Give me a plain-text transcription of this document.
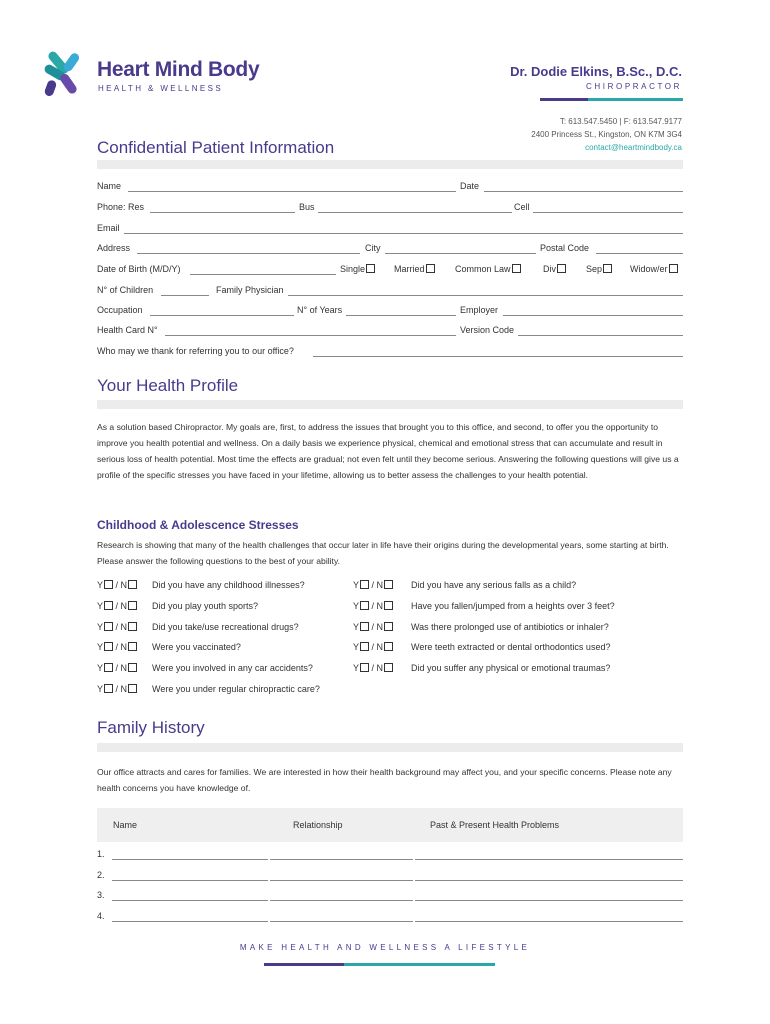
Heart Mind Body
HEALTH & WELLNESS
Dr. Dodie Elkins, B.Sc., D.C.
CHIROPRACTOR
T: 613.547.5450 | F: 613.547.9177
2400 Princess St., Kingston, ON K7M 3G4
contact@heartmindbody.ca
Confidential Patient Information
Name	Date
Phone: Res	Bus	Cell
Email
Address	City	Postal Code
Date of Birth (M/D/Y)	Single	Married	Common Law	Div	Sep	Widow/er
N° of Children	Family Physician
Occupation	N° of Years	Employer
Health Card N°	Version Code
Who may we thank for referring you to our office?
Your Health Profile
As a solution based Chiropractor. My goals are, first, to address the issues that brought you to this office, and second, to offer you the opportunity to improve you health potential and wellness. On a daily basis we experience physical, chemical and emotional stress that can accumulate and result in serious loss of health potential. Most time the effects are gradual; not even felt until they become serious. Answering the following questions will give us a profile of the specific stresses you have faced in your lifetime, allowing us to better assess the challenges to your health potential.
Childhood & Adolescence Stresses
Research is showing that many of the health challenges that occur later in life have their origins during the developmental years, some starting at birth. Please answer the following questions to the best of your ability.
Y / N	Did you have any childhood illnesses?
Y / N	Did you play youth sports?
Y / N	Did you take/use recreational drugs?
Y / N	Were you vaccinated?
Y / N	Were you involved in any car accidents?
Y / N	Were you under regular chiropractic care?
Y / N	Did you have any serious falls as a child?
Y / N	Have you fallen/jumped from a heights over 3 feet?
Y / N	Was there prolonged use of antibiotics or inhaler?
Y / N	Were teeth extracted or dental orthodontics used?
Y / N	Did you suffer any physical or emotional traumas?
Family History
Our office attracts and cares for families. We are interested in how their health background may affect you, and your specific concerns. Please note any health concerns you have knowledge of.
Name	Relationship	Past & Present Health Problems
1.
2.
3.
4.
MAKE HEALTH AND WELLNESS A LIFESTYLE
